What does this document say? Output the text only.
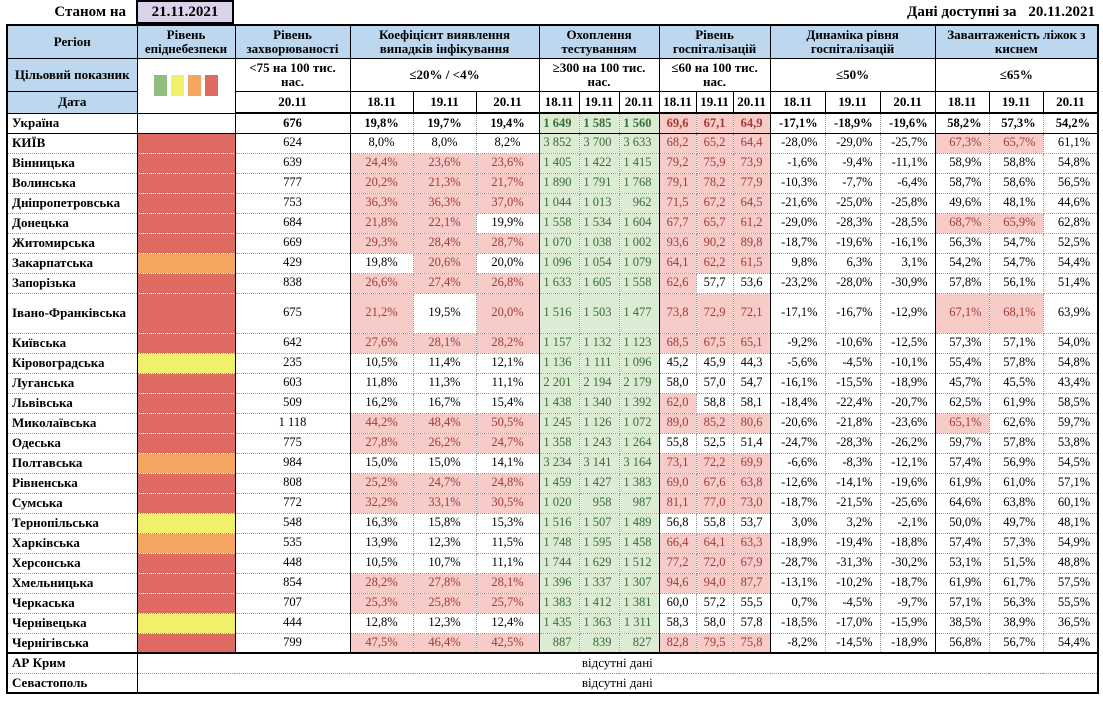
Станом на	21.11.2021	Дані доступні за 20.11.2021
Регіон	Рівень епіднебезпеки	Рівень захворюваності	Коефіцієнт виявлення випадків інфікування			Охоплення тестуванням			Рівень госпіталізацій			Динаміка рівня госпіталізацій			Завантаженість ліжок з киснем		
Цільовий показник		<75 на 100 тис. нас.	≤20% / <4%			≥300 на 100 тис. нас.			≤60 на 100 тис. нас.			≤50%			≤65%		
Дата		20.11	18.11	19.11	20.11	18.11	19.11	20.11	18.11	19.11	20.11	18.11	19.11	20.11	18.11	19.11	20.11
Україна		676	19,8%	19,7%	19,4%	1 649	1 585	1 560	69,6	67,1	64,9	-17,1%	-18,9%	-19,6%	58,2%	57,3%	54,2%
КИЇВ		624	8,0%	8,0%	8,2%	3 852	3 700	3 633	68,2	65,2	64,4	-28,0%	-29,0%	-25,7%	67,3%	65,7%	61,1%
Вінницька		639	24,4%	23,6%	23,6%	1 405	1 422	1 415	79,2	75,9	73,9	-1,6%	-9,4%	-11,1%	58,9%	58,8%	54,8%
Волинська		777	20,2%	21,3%	21,7%	1 890	1 791	1 768	79,1	78,2	77,9	-10,3%	-7,7%	-6,4%	58,7%	58,6%	56,5%
Дніпропетровська		753	36,3%	36,3%	37,0%	1 044	1 013	962	71,5	67,2	64,5	-21,6%	-25,0%	-25,8%	49,6%	48,1%	44,6%
Донецька		684	21,8%	22,1%	19,9%	1 558	1 534	1 604	67,7	65,7	61,2	-29,0%	-28,3%	-28,5%	68,7%	65,9%	62,8%
Житомирська		669	29,3%	28,4%	28,7%	1 070	1 038	1 002	93,6	90,2	89,8	-18,7%	-19,6%	-16,1%	56,3%	54,7%	52,5%
Закарпатська		429	19,8%	20,6%	20,0%	1 096	1 054	1 079	64,1	62,2	61,5	9,8%	6,3%	3,1%	54,2%	54,7%	54,4%
Запорізька		838	26,6%	27,4%	26,8%	1 633	1 605	1 558	62,6	57,7	53,6	-23,2%	-28,0%	-30,9%	57,8%	56,1%	51,4%
Івано-Франківська		675	21,2%	19,5%	20,0%	1 516	1 503	1 477	73,8	72,9	72,1	-17,1%	-16,7%	-12,9%	67,1%	68,1%	63,9%
Київська		642	27,6%	28,1%	28,2%	1 157	1 132	1 123	68,5	67,5	65,1	-9,2%	-10,6%	-12,5%	57,3%	57,1%	54,0%
Кіровоградська		235	10,5%	11,4%	12,1%	1 136	1 111	1 096	45,2	45,9	44,3	-5,6%	-4,5%	-10,1%	55,4%	57,8%	54,8%
Луганська		603	11,8%	11,3%	11,1%	2 201	2 194	2 179	58,0	57,0	54,7	-16,1%	-15,5%	-18,9%	45,7%	45,5%	43,4%
Львівська		509	16,2%	16,7%	15,4%	1 438	1 340	1 392	62,0	58,8	58,1	-18,4%	-22,4%	-20,7%	62,5%	61,9%	58,5%
Миколаївська		1 118	44,2%	48,4%	50,5%	1 245	1 126	1 072	89,0	85,2	80,6	-20,6%	-21,8%	-23,6%	65,1%	62,6%	59,7%
Одеська		775	27,8%	26,2%	24,7%	1 358	1 243	1 264	55,8	52,5	51,4	-24,7%	-28,3%	-26,2%	59,7%	57,8%	53,8%
Полтавська		984	15,0%	15,0%	14,1%	3 234	3 141	3 164	73,1	72,2	69,9	-6,6%	-8,3%	-12,1%	57,4%	56,9%	54,5%
Рівненська		808	25,2%	24,7%	24,8%	1 459	1 427	1 383	69,0	67,6	63,8	-12,6%	-14,1%	-19,6%	61,9%	61,0%	57,1%
Сумська		772	32,2%	33,1%	30,5%	1 020	958	987	81,1	77,0	73,0	-18,7%	-21,5%	-25,6%	64,6%	63,8%	60,1%
Тернопільська		548	16,3%	15,8%	15,3%	1 516	1 507	1 489	56,8	55,8	53,7	3,0%	3,2%	-2,1%	50,0%	49,7%	48,1%
Харківська		535	13,9%	12,3%	11,5%	1 748	1 595	1 458	66,4	64,1	63,3	-18,9%	-19,4%	-18,8%	57,4%	57,3%	54,9%
Херсонська		448	10,5%	10,7%	11,1%	1 744	1 629	1 512	77,2	72,0	67,9	-28,7%	-31,3%	-30,2%	53,1%	51,5%	48,8%
Хмельницька		854	28,2%	27,8%	28,1%	1 396	1 337	1 307	94,6	94,0	87,7	-13,1%	-10,2%	-18,7%	61,9%	61,7%	57,5%
Черкаська		707	25,3%	25,8%	25,7%	1 383	1 412	1 381	60,0	57,2	55,5	0,7%	-4,5%	-9,7%	57,1%	56,3%	55,5%
Чернівецька		444	12,8%	12,3%	12,4%	1 435	1 363	1 311	58,3	58,0	57,8	-18,5%	-17,0%	-15,9%	38,5%	38,9%	36,5%
Чернігівська		799	47,5%	46,4%	42,5%	887	839	827	82,8	79,5	75,8	-8,2%	-14,5%	-18,9%	56,8%	56,7%	54,4%
АР Крим	відсутні дані																
Севастополь	відсутні дані																
